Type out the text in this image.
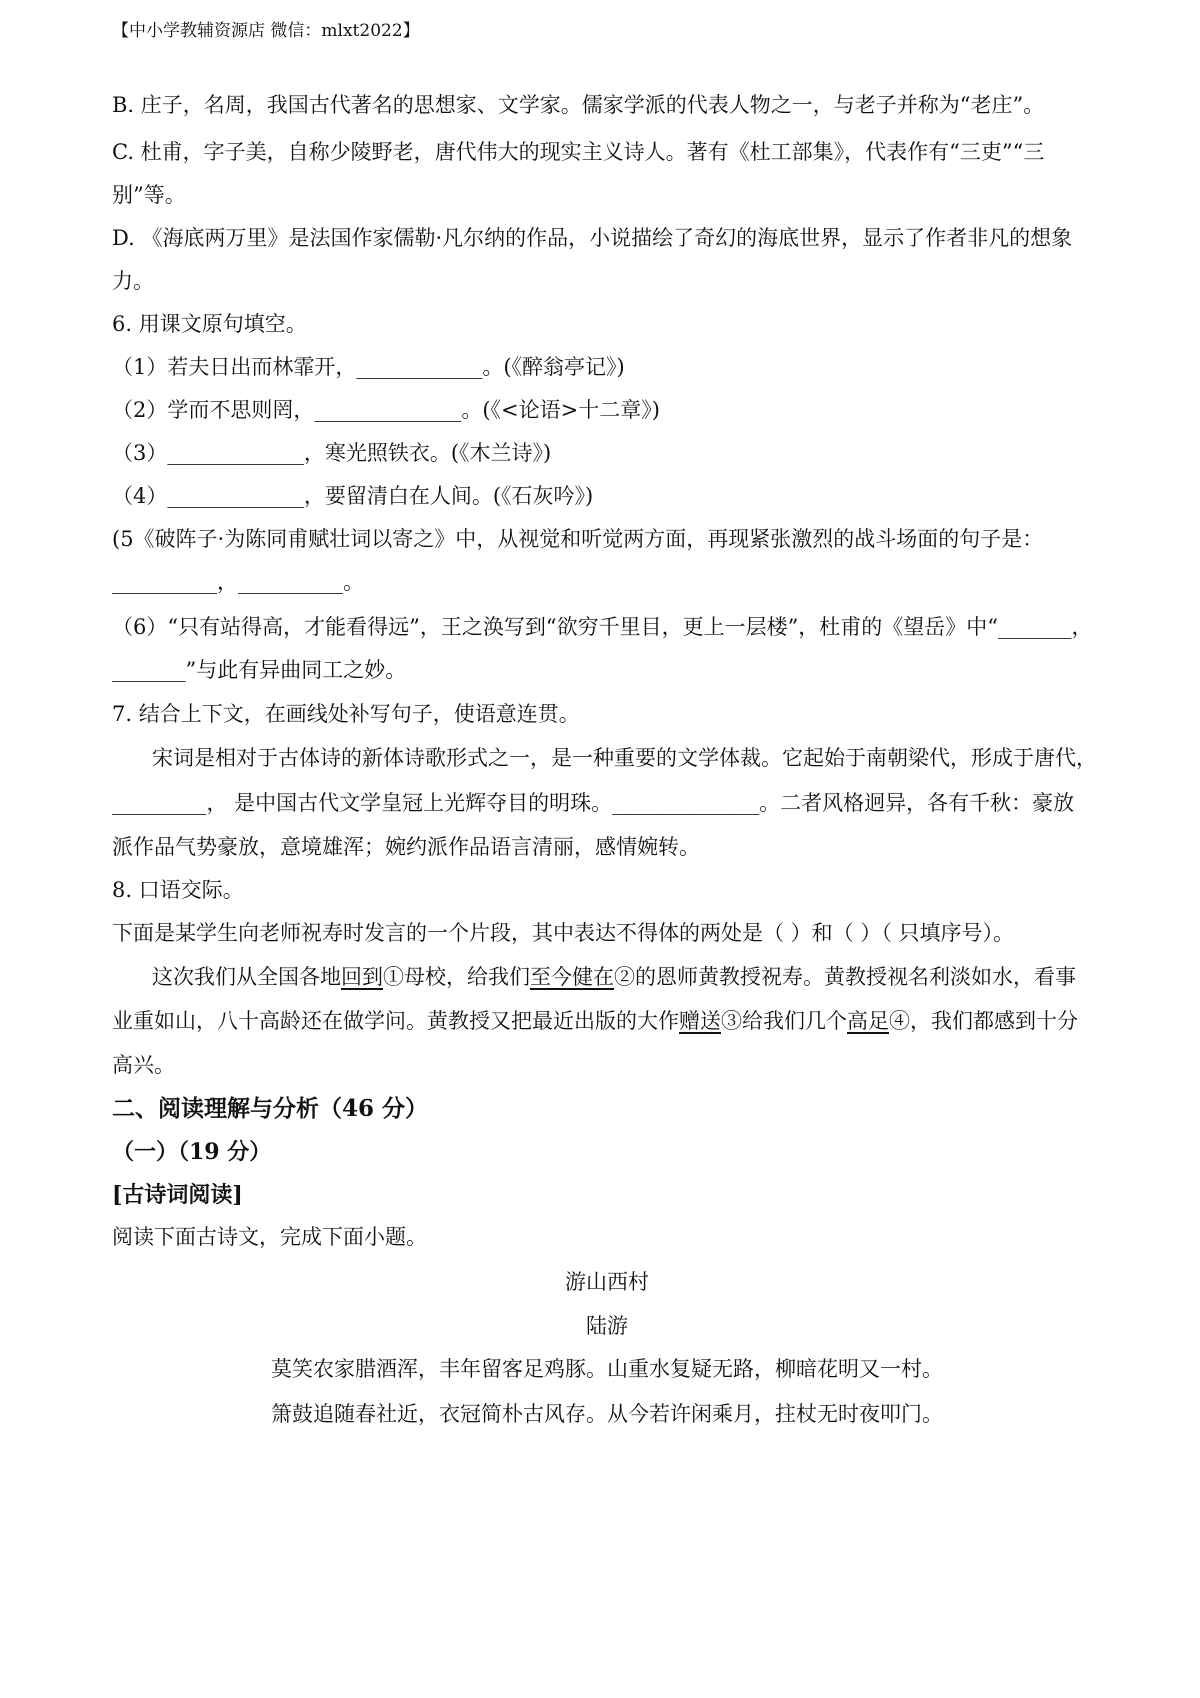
【中小学教辅资源店 微信：mlxt2022】
B. 庄子，名周，我国古代著名的思想家、文学家。儒家学派的代表人物之一，与老子并称为“老庄”。
C. 杜甫，字子美，自称少陵野老，唐代伟大的现实主义诗人。著有《杜工部集》，代表作有“三吏”“三
别”等。
D. 《海底两万里》是法国作家儒勒·凡尔纳的作品，小说描绘了奇幻的海底世界，显示了作者非凡的想象
力。
6. 用课文原句填空。
（1）若夫日出而林霏开，____________。(《醉翁亭记》)
（2）学而不思则罔，______________。(《<论语>十二章》)
（3）_____________，寒光照铁衣。(《木兰诗》)
（4）_____________，要留清白在人间。(《石灰吟》)
(5《破阵子·为陈同甫赋壮词以寄之》中，从视觉和听觉两方面，再现紧张激烈的战斗场面的句子是：
__________，__________。
（6）“只有站得高，才能看得远”，王之涣写到“欲穷千里目，更上一层楼”，杜甫的《望岳》中“_______，
_______”与此有异曲同工之妙。
7. 结合上下文，在画线处补写句子，使语意连贯。
宋词是相对于古体诗的新体诗歌形式之一，是一种重要的文学体裁。它起始于南朝梁代，形成于唐代，
_________， 是中国古代文学皇冠上光辉夺目的明珠。______________。二者风格迥异，各有千秋：豪放
派作品气势豪放，意境雄浑；婉约派作品语言清丽，感情婉转。
8. 口语交际。
下面是某学生向老师祝寿时发言的一个片段，其中表达不得体的两处是（ ）和（ ）（ 只填序号）。
这次我们从全国各地回到①母校，给我们至今健在②的恩师黄教授祝寿。黄教授视名利淡如水，看事
业重如山，八十高龄还在做学问。黄教授又把最近出版的大作赠送③给我们几个高足④，我们都感到十分
高兴。
二、阅读理解与分析（46 分）
（一）（19 分）
[古诗词阅读]
阅读下面古诗文，完成下面小题。
游山西村
陆游
莫笑农家腊酒浑，丰年留客足鸡豚。山重水复疑无路，柳暗花明又一村。
箫鼓追随春社近，衣冠简朴古风存。从今若许闲乘月，拄杖无时夜叩门。
